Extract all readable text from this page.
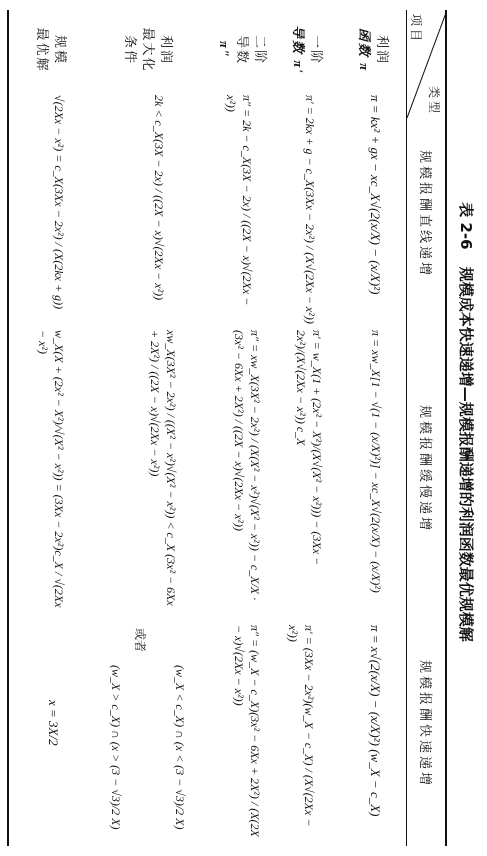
表 2-6 规模成本快速递增—规模报酬递增的利润函数最优规模解
类 型
项 目
规模报酬直线递增
规模报酬缓慢递增
规模报酬快速递增
利润
函数 π
一阶
导数 π′
二阶
导数
π″
利润
最大化
条件
规模
最优解
π = kx² + gx − xc_X√(2(x/X) − (x/X)²)
π = xw_X[1 − √(1 − (x/X)²)] − xc_X√(2(x/X) − (x/X)²)
π = x√(2(x/X) − (x/X)²) (w_X − c_X)
π′ = 2kx + g − c_X(3Xx − 2x²) / (X√(2Xx − x²))
π′ = w_X(1 + (2x² − X²)/(X√(X² − x²))) − (3Xx − 2x²)/(X√(2Xx − x²)) c_X
π′ = (3Xx − 2x²)(w_X − c_X) / (X√(2Xx − x²))
π″ = 2k − c_X(3X − 2x) / ((2X − x)√(2Xx − x²))
π″ = xw_X(3X² − 2x²) / (X(X² − x²)√(X² − x²)) − c_X/X · (3x² − 6Xx + 2X²) / ((2X − x)√(2Xx − x²))
π″ = (w_X − c_X)(3x² − 6Xx + 2X²) / (X(2X − x)√(2Xx − x²))
2k < c_X(3X − 2x) / ((2X − x)√(2Xx − x²))
xw_X(3X² − 2x²) / ((X² − x²)√(X² − x²)) < c_X (3x² − 6Xx + 2X²) / ((2X − x)√(2Xx − x²))
(w_X < c_X) ∩ (x < (3 − √3)/2 X)
或者
(w_X > c_X) ∩ (x > (3 − √3)/2 X)
√(2Xx − x²) = c_X(3Xx − 2x²) / (X(2kx + g))
w_X(X + (2x² − X²)/√(X² − x²)) = (3Xx − 2x²)c_X / √(2Xx − x²)
x = 3X/2
